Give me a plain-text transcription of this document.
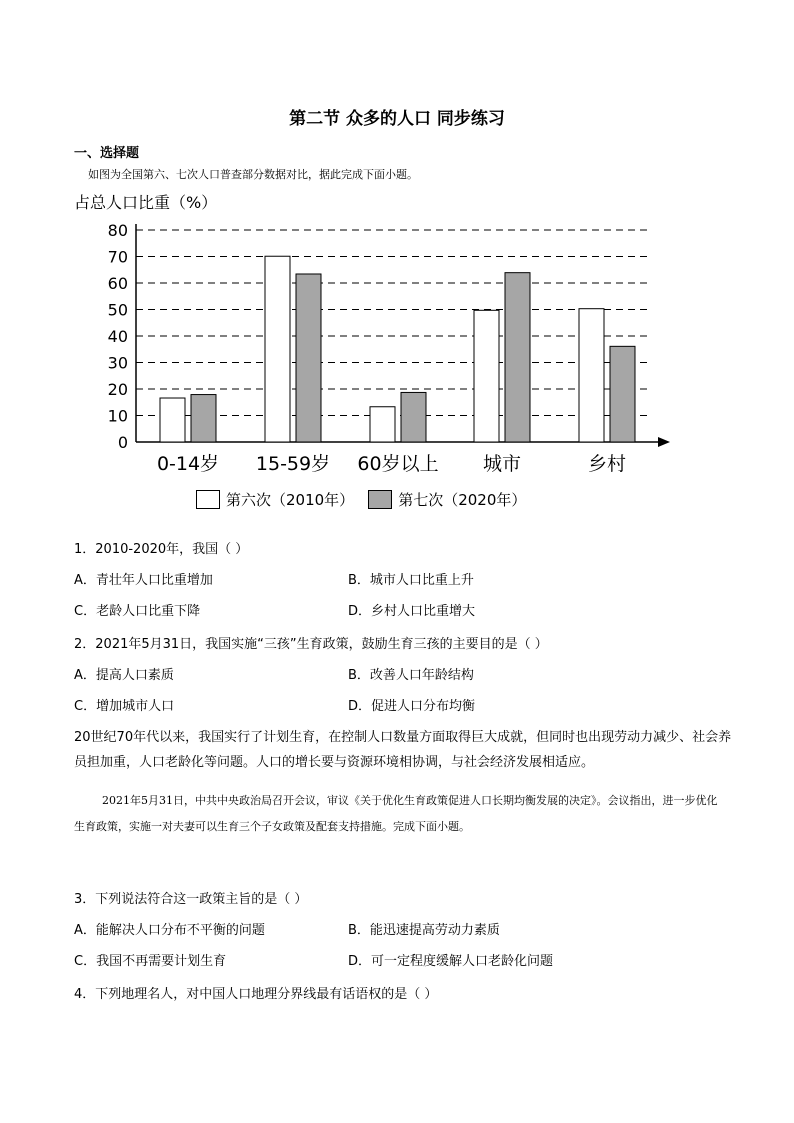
第二节 众多的人口 同步练习
一、选择题
如图为全国第六、七次人口普查部分数据对比，据此完成下面小题。
占总人口比重（%）
0
10
20
30
40
50
60
70
80
0-14岁 15-59岁 60岁以上 城市	乡村
第六次（2010年）	第七次（2020年）
1．2010-2020年，我国（ ）
A．青壮年人口比重增加	B．城市人口比重上升
C．老龄人口比重下降	D．乡村人口比重增大
2．2021年5月31日，我国实施“三孩”生育政策，鼓励生育三孩的主要目的是（ ）
A．提高人口素质	B．改善人口年龄结构
C．增加城市人口	D．促进人口分布均衡
20世纪70年代以来，我国实行了计划生育，在控制人口数量方面取得巨大成就，但同时也出现劳动力减少、社会养员担加重，人口老龄化等问题。人口的增长要与资源环境相协调，与社会经济发展相适应。
2021年5月31日，中共中央政治局召开会议，审议《关于优化生育政策促进人口长期均衡发展的决定》。会议指出，进一步优化生育政策，实施一对夫妻可以生育三个子女政策及配套支持措施。完成下面小题。
3．下列说法符合这一政策主旨的是（ ）
A．能解决人口分布不平衡的问题	B．能迅速提高劳动力素质
C．我国不再需要计划生育	D．可一定程度缓解人口老龄化问题
4．下列地理名人，对中国人口地理分界线最有话语权的是（ ）
